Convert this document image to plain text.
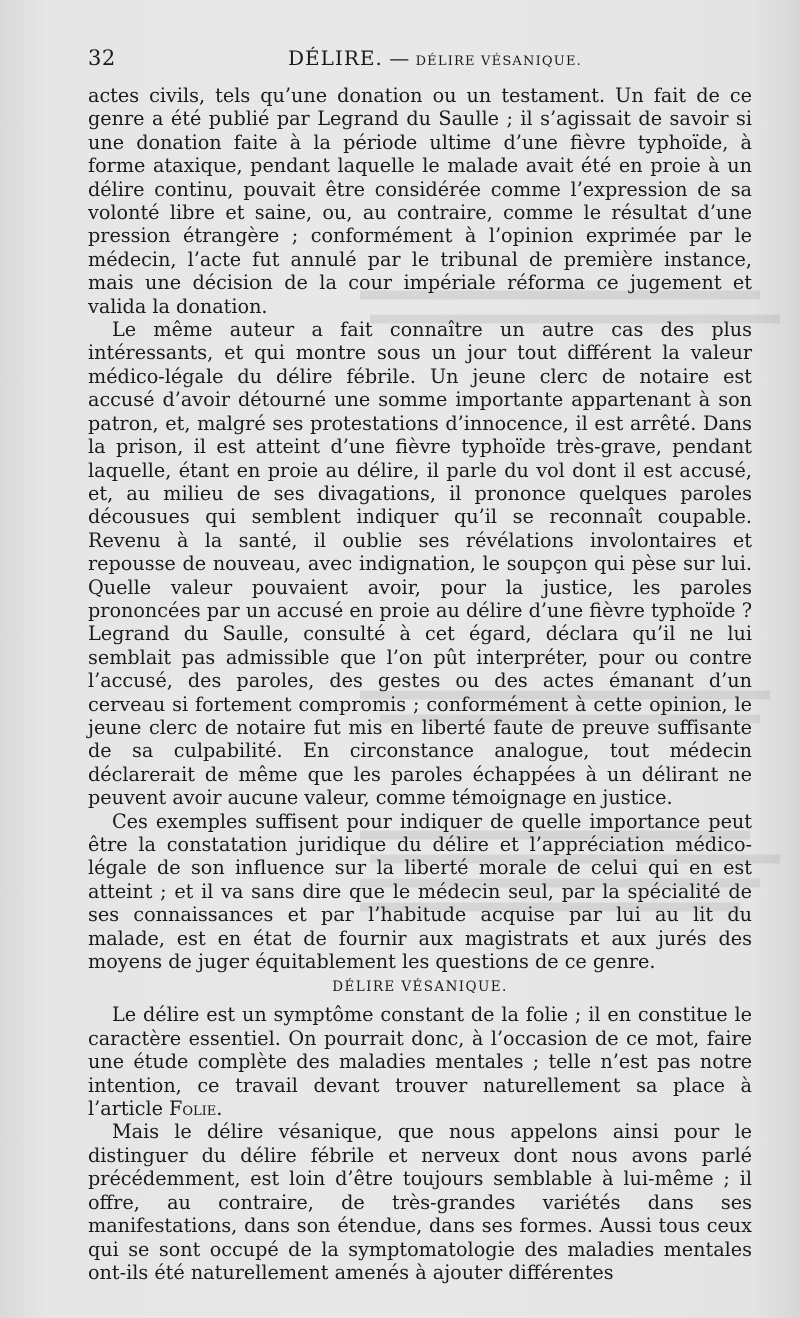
32	DÉLIRE. — DÉLIRE VÉSANIQUE.

actes civils, tels qu’une donation ou un testament. Un fait de ce genre a été publié par Legrand du Saulle ; il s’agissait de savoir si une donation faite à la période ultime d’une fièvre typhoïde, à forme ataxique, pendant laquelle le malade avait été en proie à un délire continu, pouvait être considérée comme l’expression de sa volonté libre et saine, ou, au contraire, comme le résultat d’une pression étrangère ; conformément à l’opinion exprimée par le médecin, l’acte fut annulé par le tribunal de première instance, mais une décision de la cour impériale réforma ce jugement et valida la donation.

Le même auteur a fait connaître un autre cas des plus intéressants, et qui montre sous un jour tout différent la valeur médico-légale du délire fébrile. Un jeune clerc de notaire est accusé d’avoir détourné une somme importante appartenant à son patron, et, malgré ses protestations d’innocence, il est arrêté. Dans la prison, il est atteint d’une fièvre typhoïde très-grave, pendant laquelle, étant en proie au délire, il parle du vol dont il est accusé, et, au milieu de ses divagations, il prononce quelques paroles décousues qui semblent indiquer qu’il se reconnaît coupable. Revenu à la santé, il oublie ses révélations involontaires et repousse de nouveau, avec indignation, le soupçon qui pèse sur lui. Quelle valeur pouvaient avoir, pour la justice, les paroles prononcées par un accusé en proie au délire d’une fièvre typhoïde ? Legrand du Saulle, consulté à cet égard, déclara qu’il ne lui semblait pas admissible que l’on pût interpréter, pour ou contre l’accusé, des paroles, des gestes ou des actes émanant d’un cerveau si fortement compromis ; conformément à cette opinion, le jeune clerc de notaire fut mis en liberté faute de preuve suffisante de sa culpabilité. En circonstance analogue, tout médecin déclarerait de même que les paroles échappées à un délirant ne peuvent avoir aucune valeur, comme témoignage en justice.

Ces exemples suffisent pour indiquer de quelle importance peut être la constatation juridique du délire et l’appréciation médico-légale de son influence sur la liberté morale de celui qui en est atteint ; et il va sans dire que le médecin seul, par la spécialité de ses connaissances et par l’habitude acquise par lui au lit du malade, est en état de fournir aux magistrats et aux jurés des moyens de juger équitablement les questions de ce genre.

DÉLIRE VÉSANIQUE.

Le délire est un symptôme constant de la folie ; il en constitue le caractère essentiel. On pourrait donc, à l’occasion de ce mot, faire une étude complète des maladies mentales ; telle n’est pas notre intention, ce travail devant trouver naturellement sa place à l’article Folie.

Mais le délire vésanique, que nous appelons ainsi pour le distinguer du délire fébrile et nerveux dont nous avons parlé précédemment, est loin d’être toujours semblable à lui-même ; il offre, au contraire, de très-grandes variétés dans ses manifestations, dans son étendue, dans ses formes. Aussi tous ceux qui se sont occupé de la symptomatologie des maladies mentales ont-ils été naturellement amenés à ajouter différentes
